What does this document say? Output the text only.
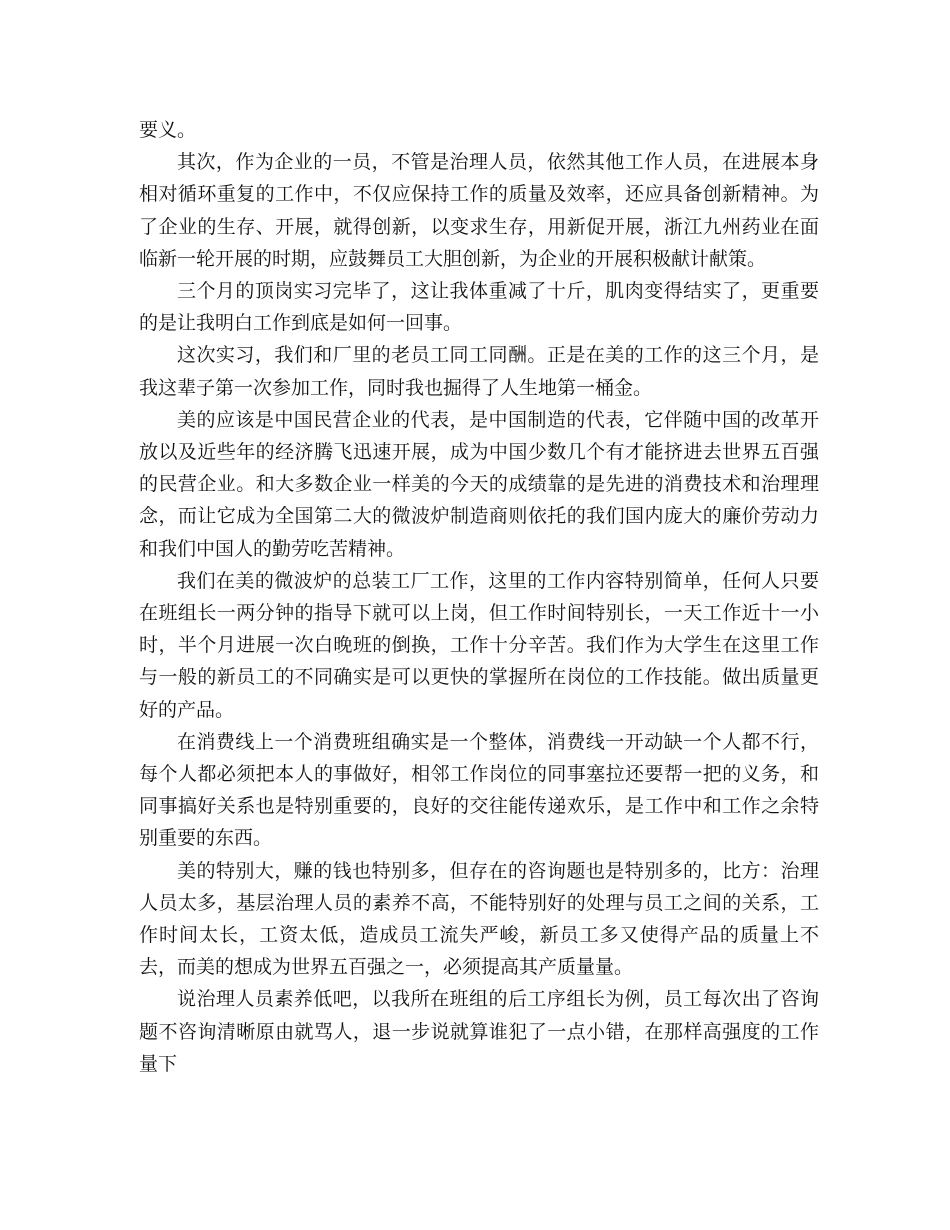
要义。

其次，作为企业的一员，不管是治理人员，依然其他工作人员，在进展本身相对循环重复的工作中，不仅应保持工作的质量及效率，还应具备创新精神。为了企业的生存、开展，就得创新，以变求生存，用新促开展，浙江九州药业在面临新一轮开展的时期，应鼓舞员工大胆创新，为企业的开展积极献计献策。

三个月的顶岗实习完毕了，这让我体重减了十斤，肌肉变得结实了，更重要的是让我明白工作到底是如何一回事。

这次实习，我们和厂里的老员工同工同酬。正是在美的工作的这三个月，是我这辈子第一次参加工作，同时我也掘得了人生地第一桶金。

美的应该是中国民营企业的代表，是中国制造的代表，它伴随中国的改革开放以及近些年的经济腾飞迅速开展，成为中国少数几个有才能挤进去世界五百强的民营企业。和大多数企业一样美的今天的成绩靠的是先进的消费技术和治理理念，而让它成为全国第二大的微波炉制造商则依托的我们国内庞大的廉价劳动力和我们中国人的勤劳吃苦精神。

我们在美的微波炉的总装工厂工作，这里的工作内容特别简单，任何人只要在班组长一两分钟的指导下就可以上岗，但工作时间特别长，一天工作近十一小时，半个月进展一次白晚班的倒换，工作十分辛苦。我们作为大学生在这里工作与一般的新员工的不同确实是可以更快的掌握所在岗位的工作技能。做出质量更好的产品。

在消费线上一个消费班组确实是一个整体，消费线一开动缺一个人都不行，每个人都必须把本人的事做好，相邻工作岗位的同事塞拉还要帮一把的义务，和同事搞好关系也是特别重要的，良好的交往能传递欢乐，是工作中和工作之余特别重要的东西。

美的特别大，赚的钱也特别多，但存在的咨询题也是特别多的，比方：治理人员太多，基层治理人员的素养不高，不能特别好的处理与员工之间的关系，工作时间太长，工资太低，造成员工流失严峻，新员工多又使得产品的质量上不去，而美的想成为世界五百强之一，必须提高其产质量量。

说治理人员素养低吧，以我所在班组的后工序组长为例，员工每次出了咨询题不咨询清晰原由就骂人，退一步说就算谁犯了一点小错，在那样高强度的工作量下
